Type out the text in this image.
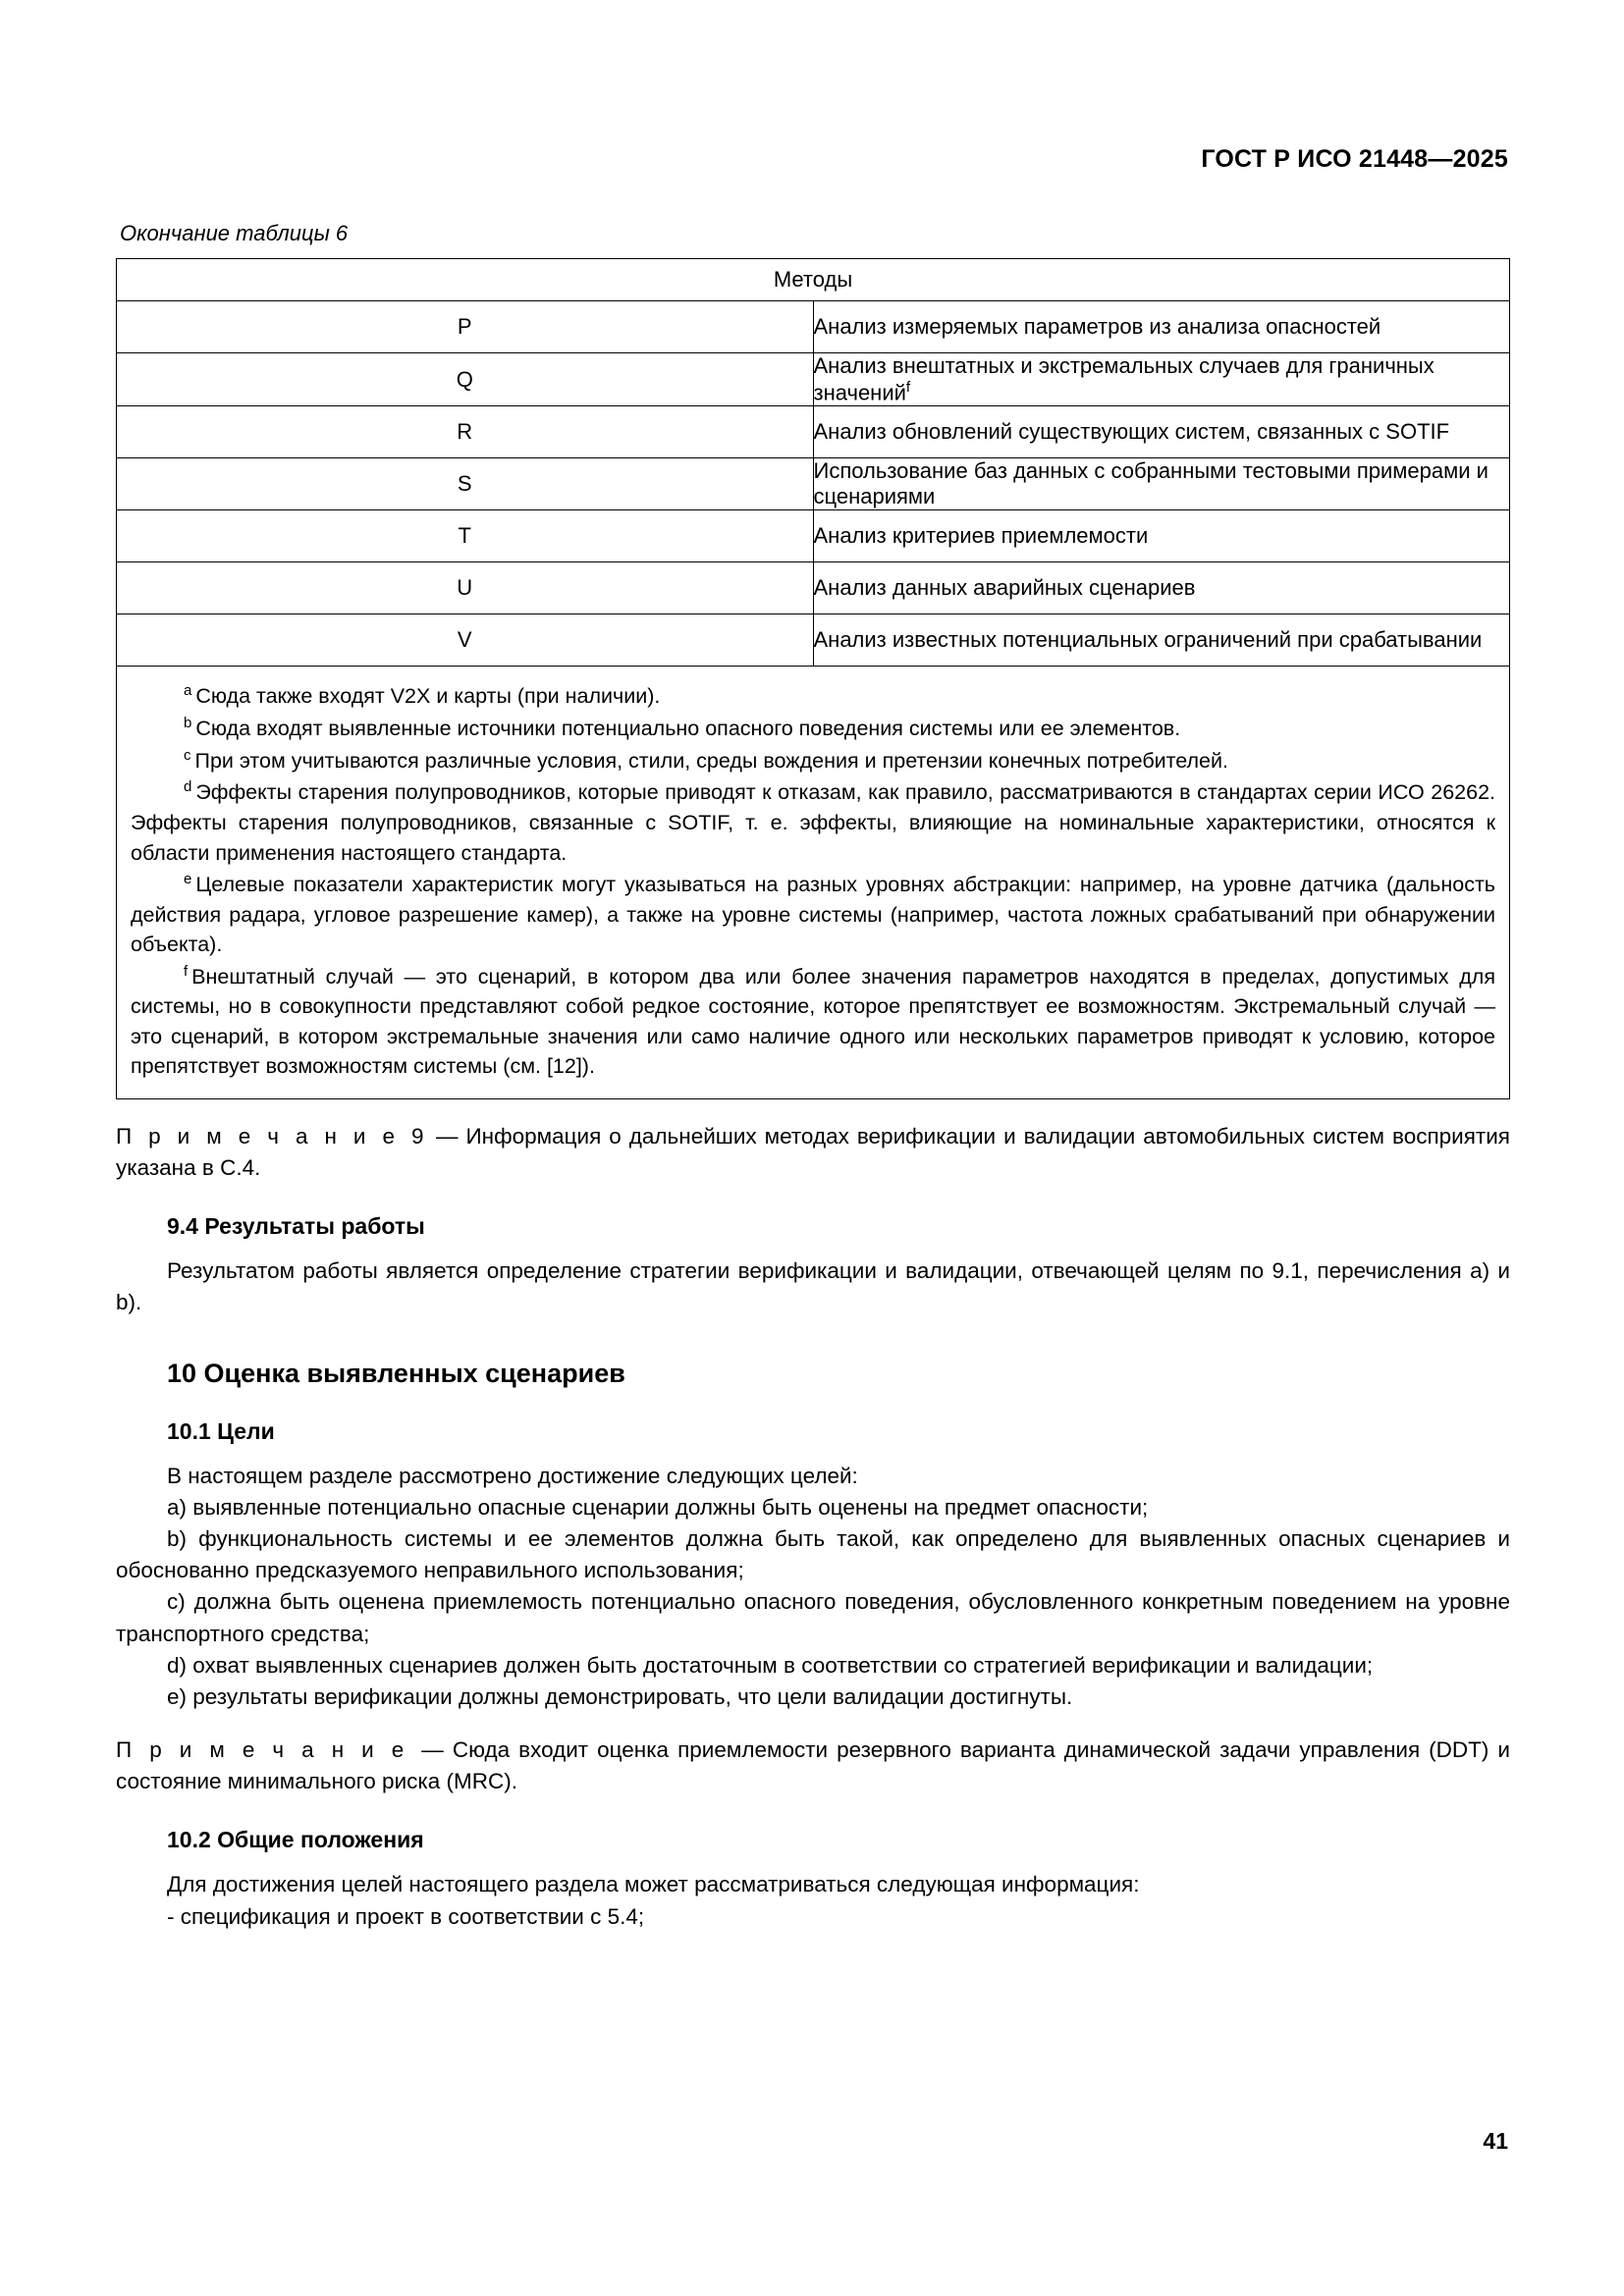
ГОСТ Р ИСО 21448—2025
Окончание таблицы 6
Методы	
P	Анализ измеряемых параметров из анализа опасностей
Q	Анализ внештатных и экстремальных случаев для граничных значений$^f$
R	Анализ обновлений существующих систем, связанных с SOTIF
S	Использование баз данных с собранными тестовыми примерами и сценариями
T	Анализ критериев приемлемости
U	Анализ данных аварийных сценариев
V	Анализ известных потенциальных ограничений при срабатывании

$^a$ Сюда также входят V2X и карты (при наличии).

$^b$ Сюда входят выявленные источники потенциально опасного поведения системы или ее элементов.

$^c$ При этом учитываются различные условия, стили, среды вождения и претензии конечных потребителей.

$^d$ Эффекты старения полупроводников, которые приводят к отказам, как правило, рассматриваются в стандартах серии ИСО 26262. Эффекты старения полупроводников, связанные с SOTIF, т. е. эффекты, влияющие на номинальные характеристики, относятся к области применения настоящего стандарта.

$^e$ Целевые показатели характеристик могут указываться на разных уровнях абстракции: например, на уровне датчика (дальность действия радара, угловое разрешение камер), а также на уровне системы (например, частота ложных срабатываний при обнаружении объекта).

$^f$ Внештатный случай — это сценарий, в котором два или более значения параметров находятся в пределах, допустимых для системы, но в совокупности представляют собой редкое состояние, которое препятствует ее возможностям. Экстремальный случай — это сценарий, в котором экстремальные значения или само наличие одного или нескольких параметров приводят к условию, которое препятствует возможностям системы (см. [12]).

П р и м е ч а н и е 9 — Информация о дальнейших методах верификации и валидации автомобильных систем восприятия указана в С.4.
9.4 Результаты работы

Результатом работы является определение стратегии верификации и валидации, отвечающей целям по 9.1, перечисления a) и b).

10 Оценка выявленных сценариев
10.1 Цели

В настоящем разделе рассмотрено достижение следующих целей:

a) выявленные потенциально опасные сценарии должны быть оценены на предмет опасности;

b) функциональность системы и ее элементов должна быть такой, как определено для выявленных опасных сценариев и обоснованно предсказуемого неправильного использования;

c) должна быть оценена приемлемость потенциально опасного поведения, обусловленного конкретным поведением на уровне транспортного средства;

d) охват выявленных сценариев должен быть достаточным в соответствии со стратегией верификации и валидации;

e) результаты верификации должны демонстрировать, что цели валидации достигнуты.

П р и м е ч а н и е — Сюда входит оценка приемлемости резервного варианта динамической задачи управления (DDT) и состояние минимального риска (MRC).
10.2 Общие положения

Для достижения целей настоящего раздела может рассматриваться следующая информация:

- спецификация и проект в соответствии с 5.4;

41
